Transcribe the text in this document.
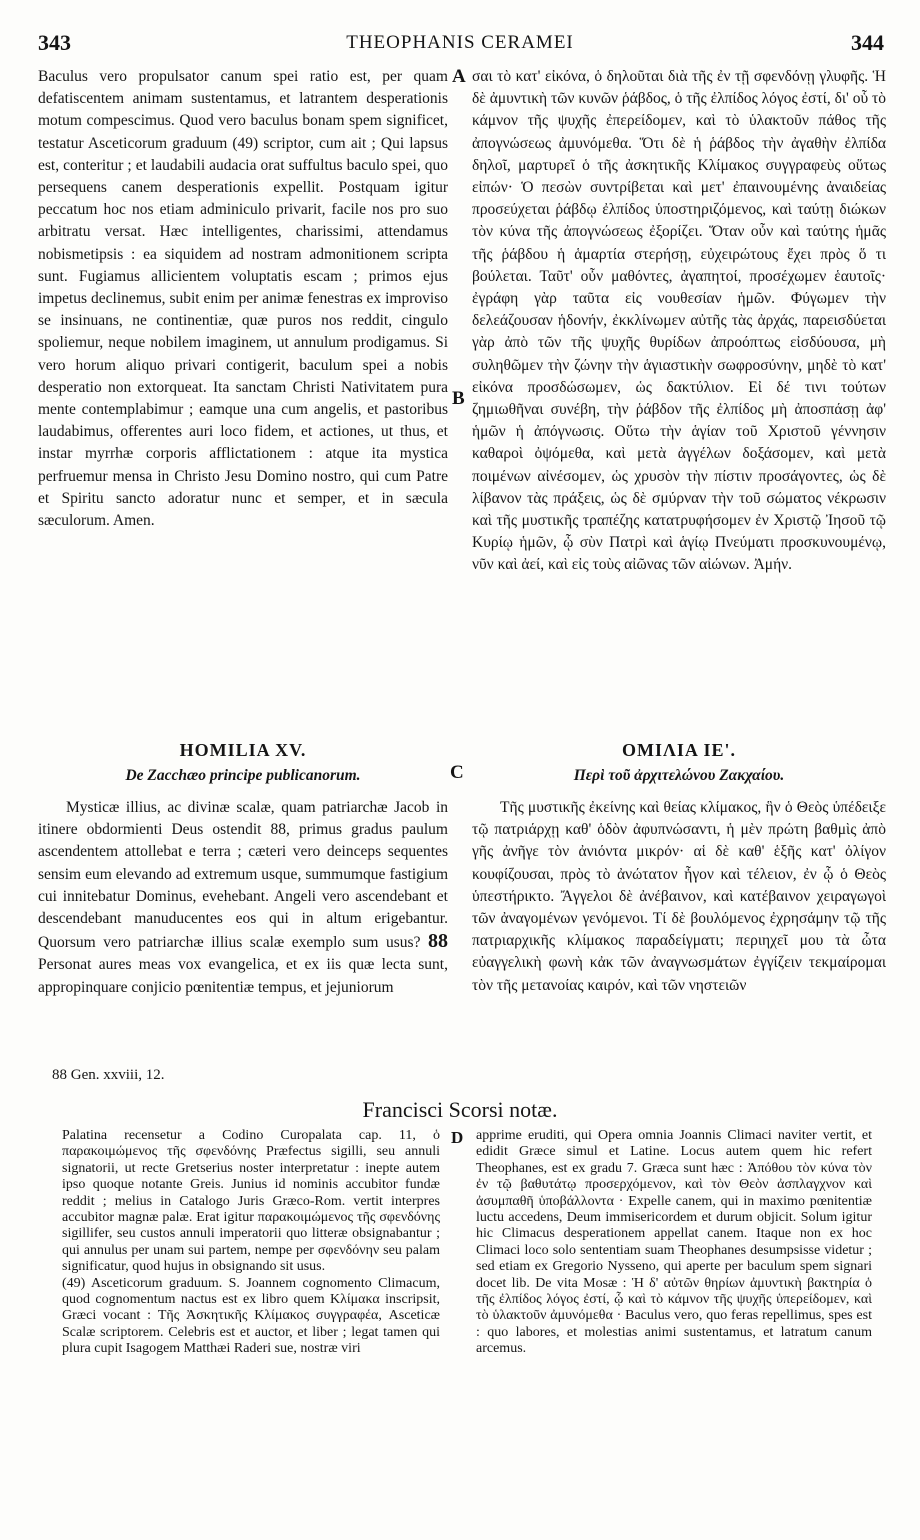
343	THEOPHANIS CERAMEI	344
A
B
C
D

Baculus vero propulsator canum spei ratio est, per quam defatiscentem animam sustentamus, et latrantem desperationis motum compescimus. Quod vero baculus bonam spem significet, testatur Asceticorum graduum (49) scriptor, cum ait ; Qui lapsus est, conteritur ; et laudabili audacia orat suffultus baculo spei, quo persequens canem desperationis expellit. Postquam igitur peccatum hoc nos etiam adminiculo privarit, facile nos pro suo arbitratu versat. Hæc intelligentes, charissimi, attendamus nobismetipsis : ea siquidem ad nostram admonitionem scripta sunt. Fugiamus allicientem voluptatis escam ; primos ejus impetus declinemus, subit enim per animæ fenestras ex improviso se insinuans, ne continentiæ, quæ puros nos reddit, cingulo spoliemur, neque nobilem imaginem, ut annulum prodigamus. Si vero horum aliquo privari contigerit, baculum spei a nobis desperatio non extorqueat. Ita sanctam Christi Nativitatem pura mente contemplabimur ; eamque una cum angelis, et pastoribus laudabimus, offerentes auri loco fidem, et actiones, ut thus, et instar myrrhæ corporis afflictationem : atque ita mystica perfruemur mensa in Christo Jesu Domino nostro, qui cum Patre et Spiritu sancto adoratur nunc et semper, et in sæcula sæculorum. Amen.

σαι τὸ κατ' εἰκόνα, ὁ δηλοῦται διὰ τῆς ἐν τῇ σφενδόνῃ γλυφῆς. Ἡ δὲ ἀμυντικὴ τῶν κυνῶν ῥάβδος, ὁ τῆς ἐλπίδος λόγος ἐστί, δι' οὗ τὸ κάμνον τῆς ψυχῆς ἐπερείδομεν, καὶ τὸ ὑλακτοῦν πάθος τῆς ἀπογνώσεως ἀμυνόμεθα. Ὅτι δὲ ἡ ῥάβδος τὴν ἀγαθὴν ἐλπίδα δηλοῖ, μαρτυρεῖ ὁ τῆς ἀσκητικῆς Κλίμακος συγγραφεὺς οὕτως εἰπών· Ὁ πεσὼν συντρίβεται καὶ μετ' ἐπαινουμένης ἀναιδείας προσεύχεται ῥάβδῳ ἐλπίδος ὑποστηριζόμενος, καὶ ταύτῃ διώκων τὸν κύνα τῆς ἀπογνώσεως ἐξορίζει. Ὅταν οὖν καὶ ταύτης ἡμᾶς τῆς ῥάβδου ἡ ἁμαρτία στερήσῃ, εὐχειρώτους ἔχει πρὸς ὅ τι βούλεται. Ταῦτ' οὖν μαθόντες, ἀγαπητοί, προσέχωμεν ἑαυτοῖς· ἐγράφη γὰρ ταῦτα εἰς νουθεσίαν ἡμῶν. Φύγωμεν τὴν δελεάζουσαν ἡδονήν, ἐκκλίνωμεν αὐτῆς τὰς ἀρχάς, παρεισδύεται γὰρ ἀπὸ τῶν τῆς ψυχῆς θυρίδων ἀπροόπτως εἰσδύουσα, μὴ συληθῶμεν τὴν ζώνην τὴν ἁγιαστικὴν σωφροσύνην, μηδὲ τὸ κατ' εἰκόνα προσδώσωμεν, ὡς δακτύλιον. Εἰ δέ τινι τούτων ζημιωθῆναι συνέβη, τὴν ῥάβδον τῆς ἐλπίδος μὴ ἀποσπάσῃ ἀφ' ἡμῶν ἡ ἀπόγνωσις. Οὕτω τὴν ἁγίαν τοῦ Χριστοῦ γέννησιν καθαροὶ ὀψόμεθα, καὶ μετὰ ἀγγέλων δοξάσομεν, καὶ μετὰ ποιμένων αἰνέσομεν, ὡς χρυσὸν τὴν πίστιν προσάγοντες, ὡς δὲ λίβανον τὰς πράξεις, ὡς δὲ σμύρναν τὴν τοῦ σώματος νέκρωσιν καὶ τῆς μυστικῆς τραπέζης κατατρυφήσομεν ἐν Χριστῷ Ἰησοῦ τῷ Κυρίῳ ἡμῶν, ᾧ σὺν Πατρὶ καὶ ἁγίῳ Πνεύματι προσκυνουμένῳ, νῦν καὶ ἀεί, καὶ εἰς τοὺς αἰῶνας τῶν αἰώνων. Ἀμήν.

HOMILIA XV.
De Zacchæo principe publicanorum.
ΟΜΙΛΙΑ ΙΕ'.
Περὶ τοῦ ἀρχιτελώνου Ζακχαίου.

Mysticæ illius, ac divinæ scalæ, quam patriarchæ Jacob in itinere obdormienti Deus ostendit 88, primus gradus paulum ascendentem attollebat e terra ; cæteri vero deinceps sequentes sensim eum elevando ad extremum usque, summumque fastigium cui innitebatur Dominus, evehebant. Angeli vero ascendebant et descendebant manuducentes eos qui in altum erigebantur. Quorsum vero patriarchæ illius scalæ exemplo sum usus? 88 Personat aures meas vox evangelica, et ex iis quæ lecta sunt, appropinquare conjicio pœnitentiæ tempus, et jejuniorum

Τῆς μυστικῆς ἐκείνης καὶ θείας κλίμακος, ἣν ὁ Θεὸς ὑπέδειξε τῷ πατριάρχῃ καθ' ὁδὸν ἀφυπνώσαντι, ἡ μὲν πρώτη βαθμὶς ἀπὸ γῆς ἀνῆγε τὸν ἀνιόντα μικρόν· αἱ δὲ καθ' ἑξῆς κατ' ὀλίγον κουφίζουσαι, πρὸς τὸ ἀνώτατον ἦγον καὶ τέλειον, ἐν ᾧ ὁ Θεὸς ὑπεστήρικτο. Ἄγγελοι δὲ ἀνέβαινον, καὶ κατέβαινον χειραγωγοὶ τῶν ἀναγομένων γενόμενοι. Τί δὲ βουλόμενος ἐχρησάμην τῷ τῆς πατριαρχικῆς κλίμακος παραδείγματι; περιηχεῖ μου τὰ ὦτα εὐαγγελικὴ φωνὴ κἀκ τῶν ἀναγνωσμάτων ἐγγίζειν τεκμαίρομαι τὸν τῆς μετανοίας καιρόν, καὶ τῶν νηστειῶν

88 Gen. xxviii, 12.
Francisci Scorsi notæ.

Palatina recensetur a Codino Curopalata cap. 11, ὁ παρακοιμώμενος τῆς σφενδόνης Præfectus sigilli, seu annuli signatorii, ut recte Gretserius noster interpretatur : inepte autem ipso quoque notante Greis. Junius id nominis accubitor fundæ reddit ; melius in Catalogo Juris Græco-Rom. vertit interpres accubitor magnæ palæ. Erat igitur παρακοιμώμενος τῆς σφενδόνης sigillifer, seu custos annuli imperatorii quo litteræ obsignabantur ; qui annulus per unam sui partem, nempe per σφενδόνην seu palam significatur, quod hujus in obsignando sit usus.

(49) Asceticorum graduum. S. Joannem cognomento Climacum, quod cognomentum nactus est ex libro quem Κλίμακα inscripsit, Græci vocant : Τῆς Ἀσκητικῆς Κλίμακος συγγραφέα, Asceticæ Scalæ scriptorem. Celebris est et auctor, et liber ; legat tamen qui plura cupit Isagogem Matthæi Raderi sue, nostræ viri

apprime eruditi, qui Opera omnia Joannis Climaci naviter vertit, et edidit Græce simul et Latine. Locus autem quem hic refert Theophanes, est ex gradu 7. Græca sunt hæc : Ἀπόθου τὸν κύνα τὸν ἐν τῷ βαθυτάτῳ προσερχόμενον, καὶ τὸν Θεὸν ἀσπλαγχνον καὶ ἀσυμπαθῆ ὑποβάλλοντα · Expelle canem, qui in maximo pœnitentiæ luctu accedens, Deum immisericordem et durum objicit. Solum igitur hic Climacus desperationem appellat canem. Itaque non ex hoc Climaci loco solo sententiam suam Theophanes desumpsisse videtur ; sed etiam ex Gregorio Nysseno, qui aperte per baculum spem signari docet lib. De vita Mosæ : Ἡ δ' αὐτῶν θηρίων ἀμυντικὴ βακτηρία ὁ τῆς ἐλπίδος λόγος ἐστί, ᾧ καὶ τὸ κάμνον τῆς ψυχῆς ὑπερείδομεν, καὶ τὸ ὑλακτοῦν ἀμυνόμεθα · Baculus vero, quo feras repellimus, spes est : quo labores, et molestias animi sustentamus, et latratum canum arcemus.
